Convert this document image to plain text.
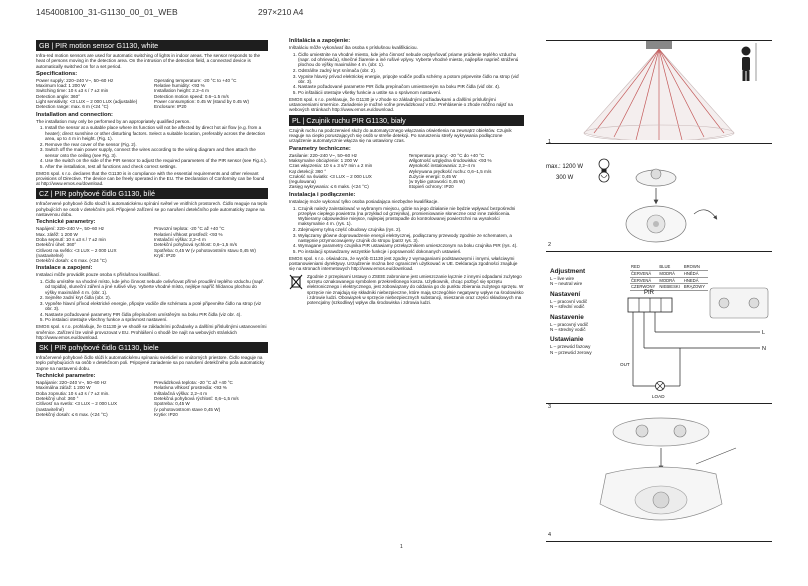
1454008100_31-G1130_00_01_WEB	297×210 A4
GB | PIR motion sensor G1130, white
Infra-red motion sensors are used for automatic switching of lights in indoor areas. The sensor responds to the heat of persons moving in the detection area. On the intrusion of the detection field, a connected device is automatically switched on for a set period.
Specifications:
Power supply: 220–240 V~, 50–60 Hz	Operating temperature: -20 °C to +40 °C
Maximum load: 1 200 W	Relative humidity: <93 %
Switching time: 10 s ±3 s / 7 ±2 min	Installation height: 2.2–4 m
Detection angle: 360°	Detection motion speed: 0.6–1.5 m/s
Light sensitivity: <3 LUX – 2 000 LUX (adjustable)	Power consumption: 0.45 W (stand by 0.45 W)
Detection range: max. 6 m (<24 °C)	Enclosure: IP20
Installation and connection:
The installation may only be performed by an appropriately qualified person.
1. Install the sensor at a suitable place where its function will not be affected by direct hot air flow (e.g. from a heater); direct sunshine or other disturbing factors. Select a suitable location, preferably across the detection area, up to 4 m in height. (Fig. 1).
2. Remove the rear cover of the sensor (Fig. 2).
3. Switch off the main power supply, connect the wires according to the wiring diagram and then attach the sensor onto the ceiling (see Fig. 3).
4. Use the switch on the side of the PIR sensor to adjust the required parameters of the PIR sensor (see Fig.4.).
5. After the installation, test all functions and check correct settings.
EMOS spol. s r.o. declares that the G1130 is in compliance with the essential requirements and other relevant provisions of Directive. The device can be freely operated in the EU. The Declaration of Conformity can be found at http://www.emos.eu/download.
CZ | PIR pohybové čidlo G1130, bílé
Infračervené pohybové čidlo slouží k automatickému spínání světel ve vnitřních prostorech. Čidlo reaguje na teplo pohybujících se osob v detekčním poli. Připojené zařízení se po narušení detekčního pole automaticky zapne na nastavenou dobu.
Technické parametry:
Napájení: 220–240 V~, 50–60 Hz	Provozní teplota: -20 °C až +40 °C
Max. zátěž: 1 200 W	Relativní vlhkost prostředí: <93 %
Doba sepnutí: 10 s ±3 s / 7 ±2 min	Instalační výška: 2,2–4 m
Detekční úhel: 360°	Detekční pohybová rychlost: 0,6–1,5 m/s
Citlivost na světlo: <3 LUX – 2 000 LUX	Spotřeba: 0,45 W (v pohotovostním stavu 0,45 W)
(nastavitelné)	Krytí: IP20
Detekční dosah: ≤ 6 max. (<24 °C)
Instalace a zapojení:
Instalaci může provádět pouze osoba s příslušnou kvalifikací.
1. Čidlo umístěte na vhodné místo, kde jeho činnost nebude ovlivňovat přímé proudění teplého vzduchu (např. od topidla), sluneční záření a jiné rušivé vlivy. Vyberte vhodné místo, nejlépe napříč hlídanou plochou do výšky maximálně 4 m. (obr. 1).
2. Sejměte zadní kryt čidla (obr. 2).
3. Vypněte hlavní přívod elektrické energie, připojte vodiče dle schématu a poté připevněte čidlo na strop (viz obr. 3).
4. Nastavte požadované parametry PIR čidla přepínačem umístěným na boku PIR čidla (viz obr. 4).
5. Po instalaci otestujte všechny funkce a správnost nastavení.
EMOS spol. s r.o. prohlašuje, že G1130 je ve shodě se základními požadavky a dalšími příslušnými ustanoveními směrnice. Zařízení lze volně provozovat v EU. Prohlášení o shodě lze najít na webových stránkách http://www.emos.eu/download.
SK | PIR pohybové čidlo G1130, biele
Infračervené pohybové čidlo slúži k automatickému spínaniu svietidiel vo vnútorných priestore. Čidlo reaguje na teplo pohybujúcich sa osôb v detekčnom poli. Pripojené zariadenie sa po narušení detekčného poľa automaticky zapne na nastavenú dobu.
Technické parametre:
Napájanie: 220–240 V~, 50–60 Hz	Prevádzková teplota: -20 °C až +40 °C
Maximálna záťaž: 1 200 W	Relatívna vlhkosť prostredia: <93 %
Doba zopnutia: 10 s ±3 s / 7 ±2 min.	Inštalačná výška: 2,2–4 m
Detekčný uhol: 360 °	Detekčná pohybová rýchlosť: 0,6–1,5 m/s
Citlivosť na svetlo: <3 LUX – 2 000 LUX	Spotreba: 0,45 W
(nastaviteľné)	(v pohotovostnom stave 0,45 W)
Detekčný dosah: ≤ 6 max. (<24 °C)	Krytie: IP20
Inštalácia a zapojenie:
Inštaláciu môže vykonávať iba osoba s príslušnou kvalifikáciou.
1. Čidlo umiestnite na vhodné miesto, kde jeho činnosť nebude ovplyvňovať priame prúdenie teplého vzduchu (napr. od ohrievača), slnečné žiarenie a iné rušivé vplyvy. Vyberte vhodné miesto, najlepšie naprieč stráženú plochou do výšky maximálne 4 m. (obr. 1).
2. Odstráňte zadný kryt snímača (obr. 2).
3. Vypnite hlavný prívod elektrickej energie, pripojte vodiče podľa schémy a potom pripevnite čidlo na strop (viď obr. 3).
4. Nastavte požadované parametre PIR čidla prepínačom umiestneným na boku PIR čidla (viď obr. 4).
5. Po inštalácii otestujte všetky funkcie a ustite sa o správnom nastavení.
EMOS spol. s r.o. prehlasuje, že G1130 je v zhode so základnými požiadavkami a ďalšími príslušnými ustanoveniami smernice. Zariadenie je možné voľne prevádzkovať v EÚ. Prehlásenie o zhode môžno nájsť na webových stránkach http://www.emos.eu/download.
PL | Czujnik ruchu PIR G1130, biały
Czujnik ruchu na podczerwień służy do automatycznego włączania oświetlenia na zewnątrz obiektów. Czujnik reaguje na ciepło poruszających się osób w strefie detekcji. Po naruszeniu strefy wykrywania podłączone urządzenie automatycznie włącza się na ustawiony czas.
Parametry techniczne:
Zasilanie: 220–240 V~, 50–60 Hz	Temperatura pracy: -20 °C do +40 °C
Maksymalne obciążenie: 1 200 W	Wilgotność względna środowiska: <93 %
Czas włączenia: 10 s ± 3 s/7 min ± 2 min	Wysokość instalowania: 2,2–4 m
Kąt detekcji: 360 °	Wykrywana prędkość ruchu: 0,6–1,5 m/s
Czułość na światło: <3 LUX – 2 000 LUX	Zużycie energii: 0,45 W
(regulowana)	(w trybie gotowości 0,45 W)
Zasięg wykrywania: ≤ 6 maks. (<24 °C)	Stopień ochrony: IP20
Instalacja i podłączenie:
Instalację może wykonać tylko osoba posiadająca niezbędne kwalifikacje.
1. Czujnik należy zainstalować w wybranym miejscu, gdzie na jego działanie nie będzie wpływać bezpośredni przepływ ciepłego powietrza (na przykład od grzejnika), promieniowanie słoneczne oraz inne zakłócenia. Wybieramy odpowiednie miejsce, najlepiej prostopadle do kontrolowanej powierzchni na wysokości maksymalnie 4 m. (rys. 1).
2. Zdejmujemy tylną część obudowy czujnika (rys. 2).
3. Wyłączamy główne doprowadzenie energii elektrycznej, podłączamy przewody zgodnie ze schematem, a następnie przymocowujemy czujnik do stropu (patrz rys. 3).
4. Wymagane parametry czujnika PIR ustawiamy przełącznikiem umieszczonym na boku czujnika PIR (rys. 4).
5. Po instalacji sprawdzamy wszystkie funkcje i poprawność dokonanych ustawień.
EMOS spol. s r.o. oświadcza, że wyrób G1130 jest zgodny z wymaganiami podstawowymi i innymi, właściwymi postanowieniami dyrektywy. Urządzenie można bez ograniczeń użytkować w UE. Deklaracja zgodności znajduje się na stronach internetowych http://www.emos.eu/download.
Zgodnie z przepisami Ustawy o ZSEIE zabronione jest umieszczanie łącznie z innymi odpadami zużytego sprzętu oznakowanego symbolem przekreślonego kosza. Użytkownik, chcąc pozbyć się sprzętu elektronicznego i elektrycznego, jest zobowiązany do oddania go do punktu zbierania zużytego sprzętu. W sprzęcie nie znajdują się składniki niebezpieczne, które mają szczególnie negatywny wpływ na środowisko i zdrowie ludzi. Obowiązek w sprzęcie niebezpiecznych substancji, mieszanin oraz części składowych ma potencjalny (szkodliwy) wpływ dla środowiska i zdrowia ludzi.
1
1
2
max.: 1200 W
300 W
3
Adjustment
L – live wire
N – neutral wire
Nastavení
L – pracovní vodič
N – střední vodič
Nastavenie
L – pracovný vodič
N – stredný vodič
Ustawianie
L – przewód fazowy
N – przewód zerowy
RED	BLUE	BROWN
ČERVENÁ	MODRÁ	HNĚDÁ
ČERVENÁ	MODRÁ	HNEDÁ
CZERWONY	NIEBIESKI	BRĄZOWY
PIR
L
N
OUT
LOAD
4
